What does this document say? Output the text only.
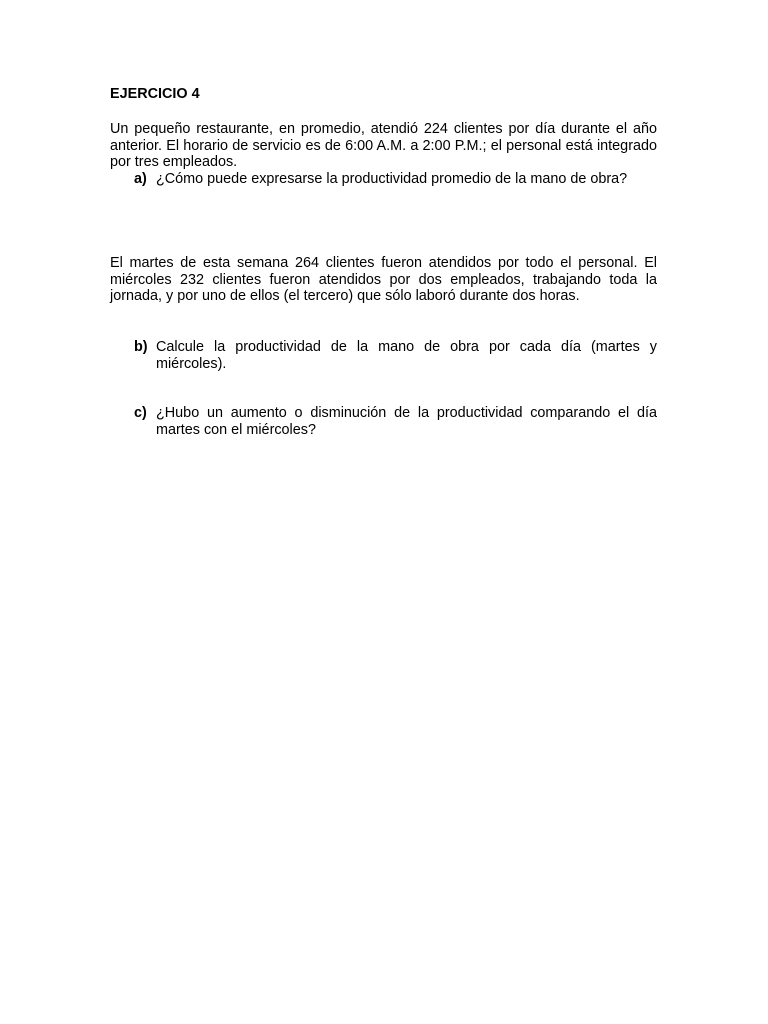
EJERCICIO 4

Un pequeño restaurante, en promedio, atendió 224 clientes por día durante el año anterior. El horario de servicio es de 6:00 A.M. a 2:00 P.M.; el personal está integrado por tres empleados.

a) ¿Cómo puede expresarse la productividad promedio de la mano de obra?

El martes de esta semana 264 clientes fueron atendidos por todo el personal. El miércoles 232 clientes fueron atendidos por dos empleados, trabajando toda la jornada, y por uno de ellos (el tercero) que sólo laboró durante dos horas.

b) Calcule la productividad de la mano de obra por cada día (martes y miércoles).

c) ¿Hubo un aumento o disminución de la productividad comparando el día martes con el miércoles?
